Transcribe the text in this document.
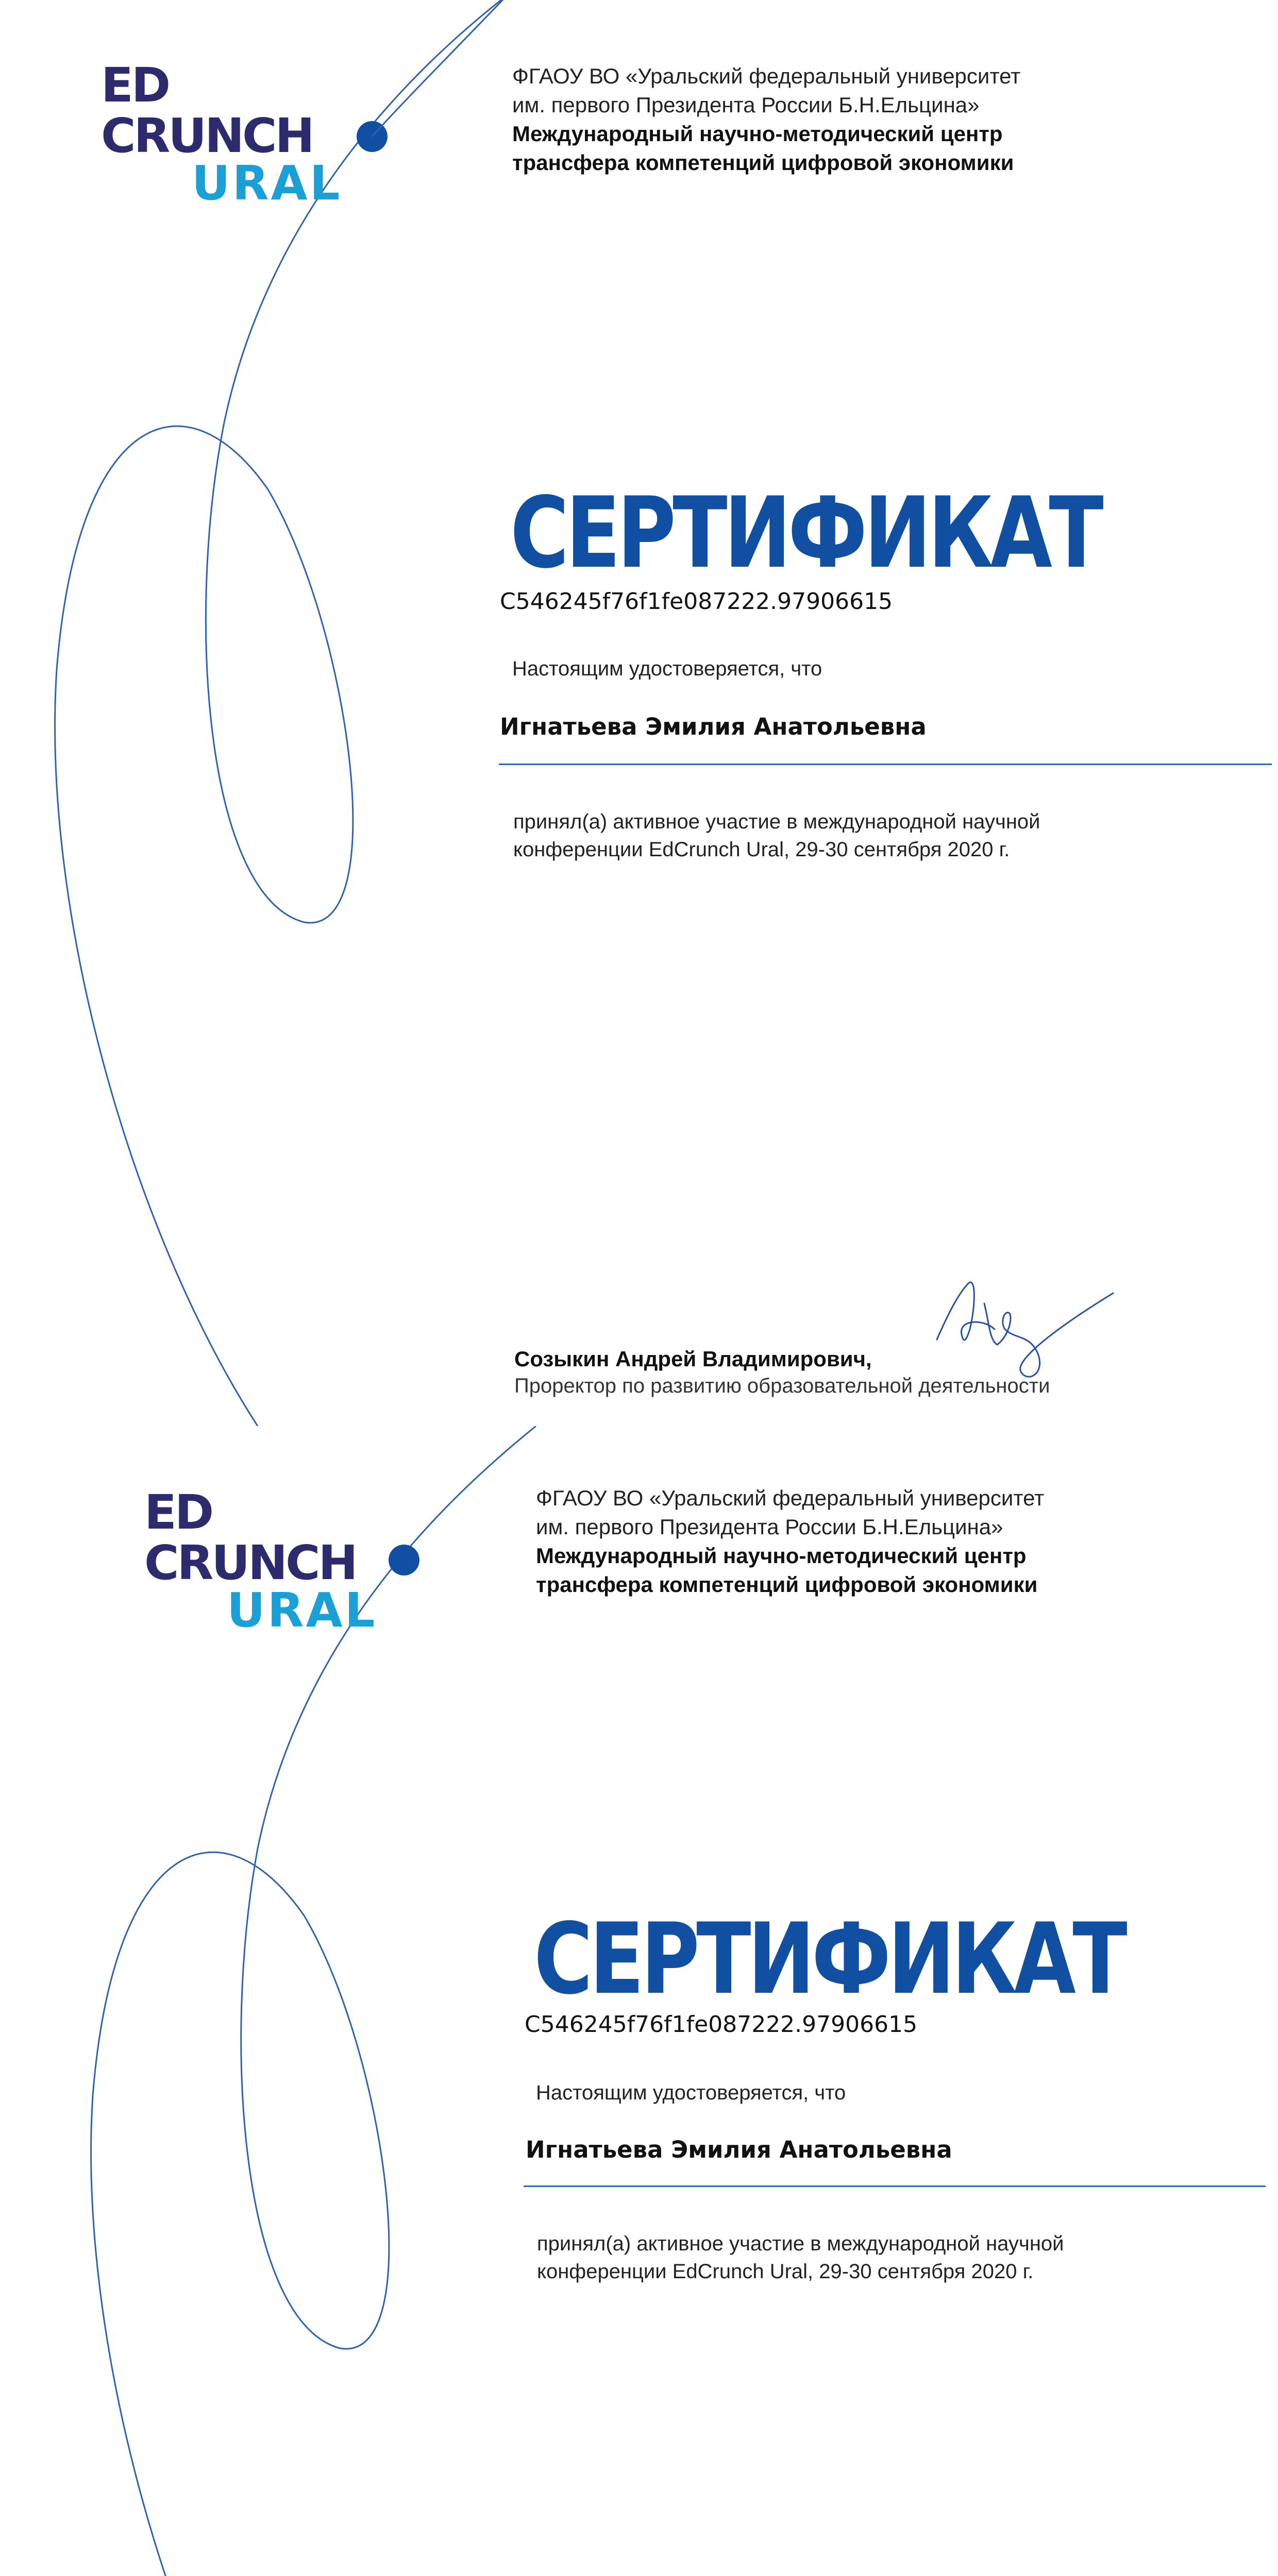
ED
CRUNCH
URAL
ФГАОУ ВО «Уральский федеральный университет
им. первого Президента России Б.Н.Ельцина»
Международный научно-методический центр
трансфера компетенций цифровой экономики
СЕРТИФИКАТ
C546245f76f1fe087222.97906615
Настоящим удостоверяется, что
Игнатьева Эмилия Анатольевна
принял(а) активное участие в международной научной
конференции EdCrunch Ural, 29-30 сентября 2020 г.
Созыкин Андрей Владимирович,
Проректор по развитию образовательной деятельности
ED
CRUNCH
URAL
ФГАОУ ВО «Уральский федеральный университет
им. первого Президента России Б.Н.Ельцина»
Международный научно-методический центр
трансфера компетенций цифровой экономики
СЕРТИФИКАТ
C546245f76f1fe087222.97906615
Настоящим удостоверяется, что
Игнатьева Эмилия Анатольевна
принял(а) активное участие в международной научной
конференции EdCrunch Ural, 29-30 сентября 2020 г.
